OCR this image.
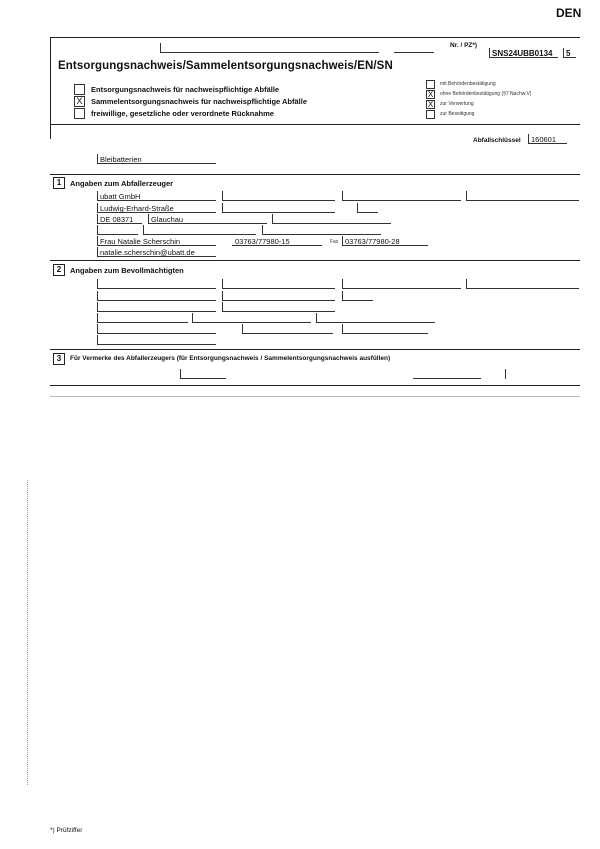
DEN

Nr. / PZ*)
SNS24UBB0134 5
Entsorgungsnachweis/Sammelentsorgungsnachweis/EN/SN
Entsorgungsnachweis für nachweispflichtige Abfälle
X Sammelentsorgungsnachweis für nachweispflichtige Abfälle
freiwillige, gesetzliche oder verordnete Rücknahme
mit Behördenbestätigung
X ohne Behördenbestätigung (§7 Nachw.V)
X zur Verwertung
zur Beseitigung
Abfallschlüssel 160601
Bleibatterien
1	Angaben zum Abfallerzeuger
ubatt GmbH
Ludwig-Erhard-Straße
DE 08371 Glauchau
Frau Natalie Scherschin	03763/77980-15	Fax 03763/77980-28
natalie.scherschin@ubatt.de
2	Angaben zum Bevollmächtigten
3	Für Vermerke des Abfallerzeugers (für Entsorgungsnachweis / Sammelentsorgungsnachweis ausfüllen)

*) Prüfziffer
